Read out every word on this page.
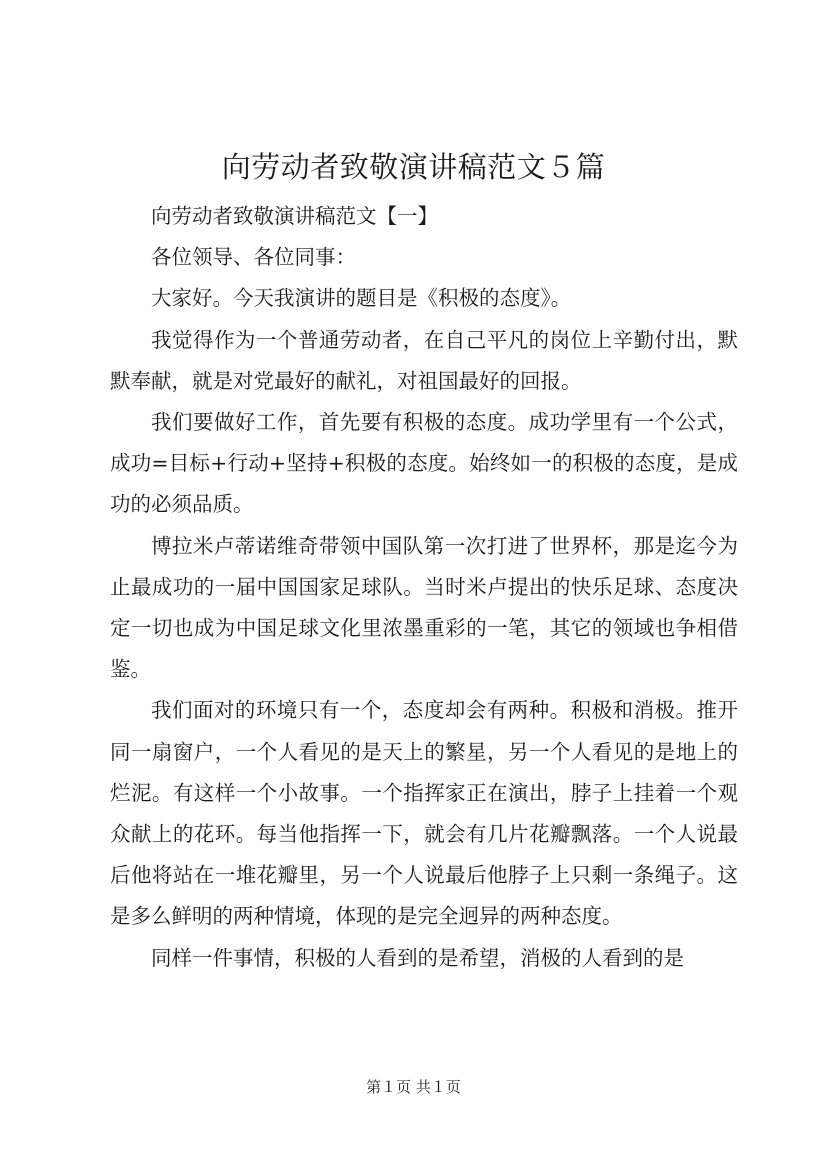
向劳动者致敬演讲稿范文５篇

向劳动者致敬演讲稿范文【一】

各位领导、各位同事：

大家好。今天我演讲的题目是《积极的态度》。

我觉得作为一个普通劳动者，在自己平凡的岗位上辛勤付出，默默奉献，就是对党最好的献礼，对祖国最好的回报。

我们要做好工作，首先要有积极的态度。成功学里有一个公式，成功=目标+行动+坚持+积极的态度。始终如一的积极的态度，是成功的必须品质。

博拉米卢蒂诺维奇带领中国队第一次打进了世界杯，那是迄今为止最成功的一届中国国家足球队。当时米卢提出的快乐足球、态度决定一切也成为中国足球文化里浓墨重彩的一笔，其它的领域也争相借鉴。

我们面对的环境只有一个，态度却会有两种。积极和消极。推开同一扇窗户，一个人看见的是天上的繁星，另一个人看见的是地上的烂泥。有这样一个小故事。一个指挥家正在演出，脖子上挂着一个观众献上的花环。每当他指挥一下，就会有几片花瓣飘落。一个人说最后他将站在一堆花瓣里，另一个人说最后他脖子上只剩一条绳子。这是多么鲜明的两种情境，体现的是完全迥异的两种态度。

同样一件事情，积极的人看到的是希望，消极的人看到的是

第１页 共１页
